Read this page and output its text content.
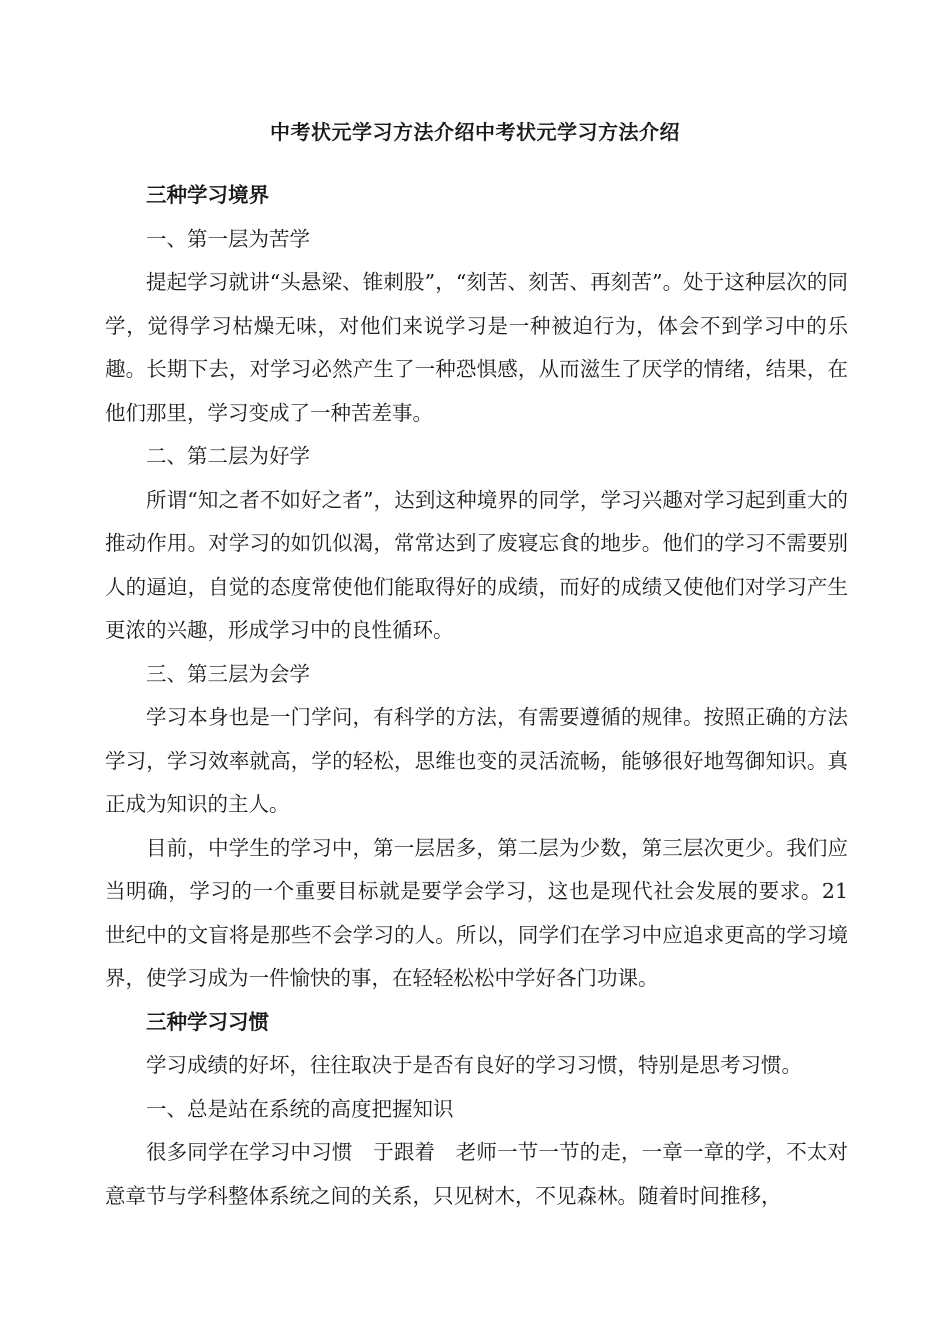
中考状元学习方法介绍中考状元学习方法介绍

三种学习境界

一、第一层为苦学

提起学习就讲“头悬梁、锥刺股”，“刻苦、刻苦、再刻苦”。处于这种层次的同学，觉得学习枯燥无味，对他们来说学习是一种被迫行为，体会不到学习中的乐趣。长期下去，对学习必然产生了一种恐惧感，从而滋生了厌学的情绪，结果，在他们那里，学习变成了一种苦差事。

二、第二层为好学

所谓“知之者不如好之者”，达到这种境界的同学，学习兴趣对学习起到重大的推动作用。对学习的如饥似渴，常常达到了废寝忘食的地步。他们的学习不需要别人的逼迫，自觉的态度常使他们能取得好的成绩，而好的成绩又使他们对学习产生更浓的兴趣，形成学习中的良性循环。

三、第三层为会学

学习本身也是一门学问，有科学的方法，有需要遵循的规律。按照正确的方法学习，学习效率就高，学的轻松，思维也变的灵活流畅，能够很好地驾御知识。真正成为知识的主人。

目前，中学生的学习中，第一层居多，第二层为少数，第三层次更少。我们应当明确，学习的一个重要目标就是要学会学习，这也是现代社会发展的要求。21世纪中的文盲将是那些不会学习的人。所以，同学们在学习中应追求更高的学习境界，使学习成为一件愉快的事，在轻轻松松中学好各门功课。

三种学习习惯

学习成绩的好坏，往往取决于是否有良好的学习习惯，特别是思考习惯。

一、总是站在系统的高度把握知识

很多同学在学习中习惯　于跟着　老师一节一节的走，一章一章的学，不太对意章节与学科整体系统之间的关系，只见树木，不见森林。随着时间推移，
